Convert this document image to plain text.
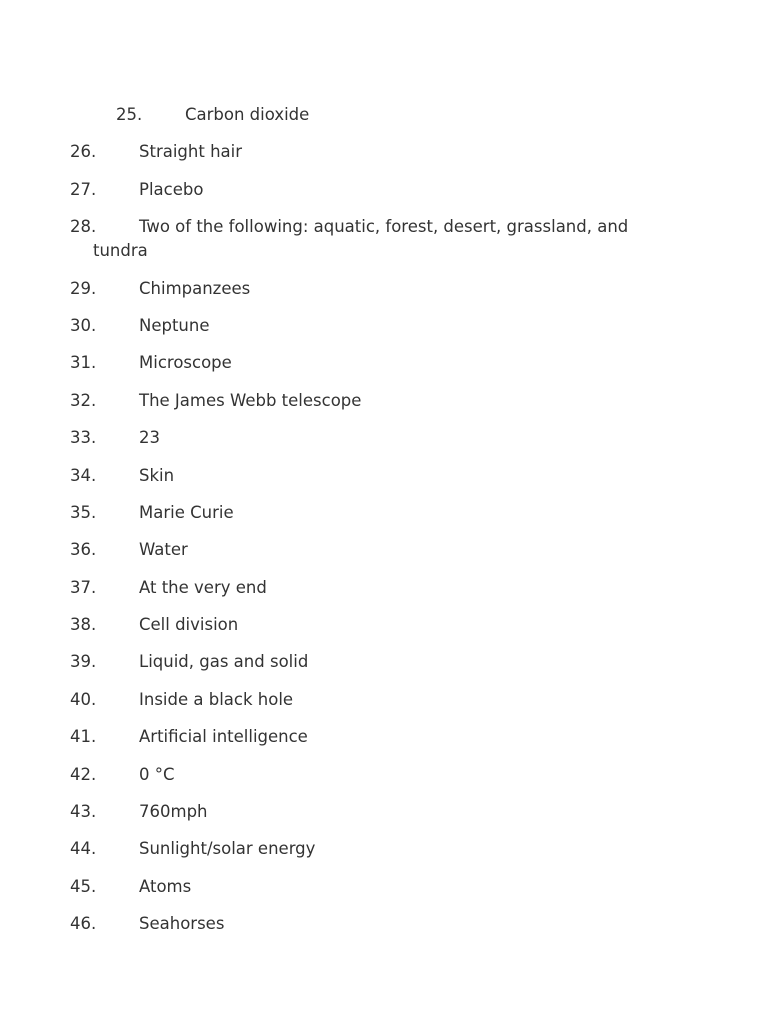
25.	Carbon dioxide
26.	Straight hair
27.	Placebo
28.	Two of the following: aquatic, forest, desert, grassland, and
tundra
29.	Chimpanzees
30.	Neptune
31.	Microscope
32.	The James Webb telescope
33.	23
34.	Skin
35.	Marie Curie
36.	Water
37.	At the very end
38.	Cell division
39.	Liquid, gas and solid
40.	Inside a black hole
41.	Artificial intelligence
42.	0 °C
43.	760mph
44.	Sunlight/solar energy
45.	Atoms
46.	Seahorses
